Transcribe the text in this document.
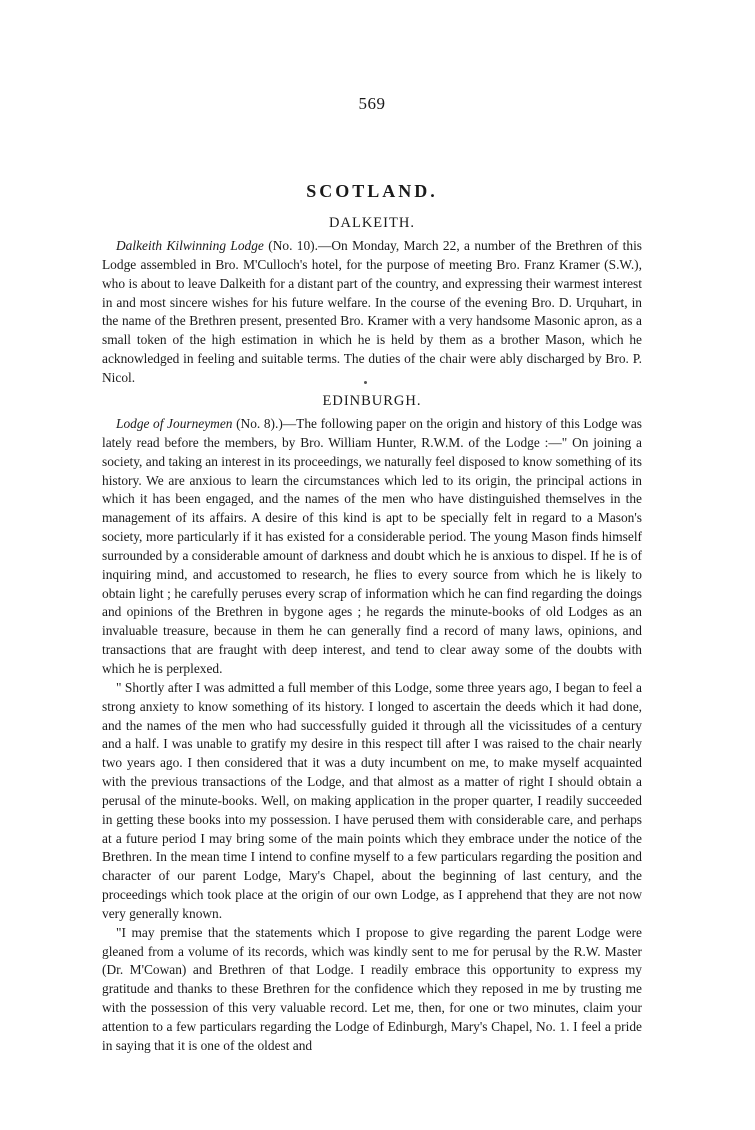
569
SCOTLAND.
DALKEITH.

Dalkeith Kilwinning Lodge (No. 10).—On Monday, March 22, a number of the Brethren of this Lodge assembled in Bro. M'Culloch's hotel, for the purpose of meeting Bro. Franz Kramer (S.W.), who is about to leave Dalkeith for a distant part of the country, and expressing their warmest interest in and most sincere wishes for his future welfare. In the course of the evening Bro. D. Urquhart, in the name of the Brethren present, presented Bro. Kramer with a very handsome Masonic apron, as a small token of the high estimation in which he is held by them as a brother Mason, which he acknowledged in feeling and suitable terms. The duties of the chair were ably discharged by Bro. P. Nicol.

EDINBURGH.

Lodge of Journeymen (No. 8).)—The following paper on the origin and history of this Lodge was lately read before the members, by Bro. William Hunter, R.W.M. of the Lodge :—" On joining a society, and taking an interest in its proceedings, we naturally feel disposed to know something of its history. We are anxious to learn the circumstances which led to its origin, the principal actions in which it has been engaged, and the names of the men who have distinguished themselves in the management of its affairs. A desire of this kind is apt to be specially felt in regard to a Mason's society, more particularly if it has existed for a considerable period. The young Mason finds himself surrounded by a considerable amount of darkness and doubt which he is anxious to dispel. If he is of inquiring mind, and accustomed to research, he flies to every source from which he is likely to obtain light ; he carefully peruses every scrap of information which he can find regarding the doings and opinions of the Brethren in bygone ages ; he regards the minute-books of old Lodges as an invaluable treasure, because in them he can generally find a record of many laws, opinions, and transactions that are fraught with deep interest, and tend to clear away some of the doubts with which he is perplexed.

" Shortly after I was admitted a full member of this Lodge, some three years ago, I began to feel a strong anxiety to know something of its history. I longed to ascertain the deeds which it had done, and the names of the men who had successfully guided it through all the vicissitudes of a century and a half. I was unable to gratify my desire in this respect till after I was raised to the chair nearly two years ago. I then considered that it was a duty incumbent on me, to make myself acquainted with the previous transactions of the Lodge, and that almost as a matter of right I should obtain a perusal of the minute-books. Well, on making application in the proper quarter, I readily succeeded in getting these books into my possession. I have perused them with considerable care, and perhaps at a future period I may bring some of the main points which they embrace under the notice of the Brethren. In the mean time I intend to confine myself to a few particulars regarding the position and character of our parent Lodge, Mary's Chapel, about the beginning of last century, and the proceedings which took place at the origin of our own Lodge, as I apprehend that they are not now very generally known.

"I may premise that the statements which I propose to give regarding the parent Lodge were gleaned from a volume of its records, which was kindly sent to me for perusal by the R.W. Master (Dr. M'Cowan) and Brethren of that Lodge. I readily embrace this opportunity to express my gratitude and thanks to these Brethren for the confidence which they reposed in me by trusting me with the possession of this very valuable record. Let me, then, for one or two minutes, claim your attention to a few particulars regarding the Lodge of Edinburgh, Mary's Chapel, No. 1. I feel a pride in saying that it is one of the oldest and
